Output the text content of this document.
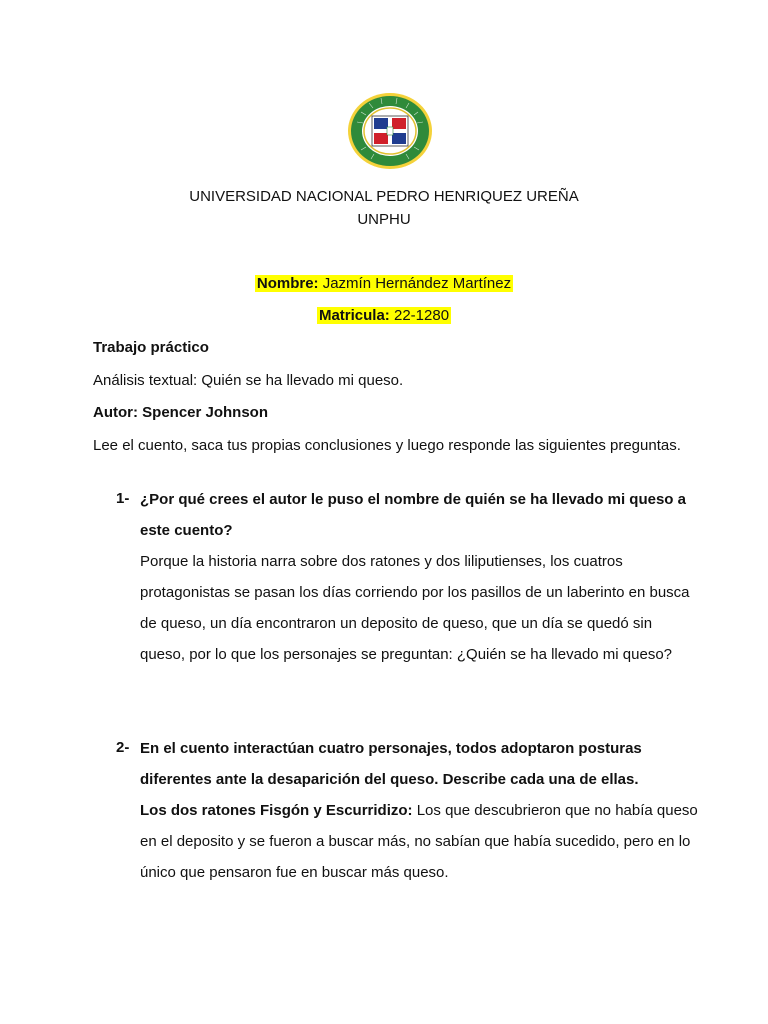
UNIVERSIDAD NACIONAL PEDRO HENRIQUEZ UREÑA
UNPHU
Nombre: Jazmín Hernández Martínez
Matricula: 22-1280
Trabajo práctico
Análisis textual: Quién se ha llevado mi queso.
Autor: Spencer Johnson
Lee el cuento, saca tus propias conclusiones y luego responde las siguientes preguntas.
1- ¿Por qué crees el autor le puso el nombre de quién se ha llevado mi queso a este cuento?
Porque la historia narra sobre dos ratones y dos liliputienses, los cuatros protagonistas se pasan los días corriendo por los pasillos de un laberinto en busca de queso, un día encontraron un deposito de queso, que un día se quedó sin queso, por lo que los personajes se preguntan: ¿Quién se ha llevado mi queso?
2- En el cuento interactúan cuatro personajes, todos adoptaron posturas diferentes ante la desaparición del queso. Describe cada una de ellas.
Los dos ratones Fisgón y Escurridizo: Los que descubrieron que no había queso en el deposito y se fueron a buscar más, no sabían que había sucedido, pero en lo único que pensaron fue en buscar más queso.
